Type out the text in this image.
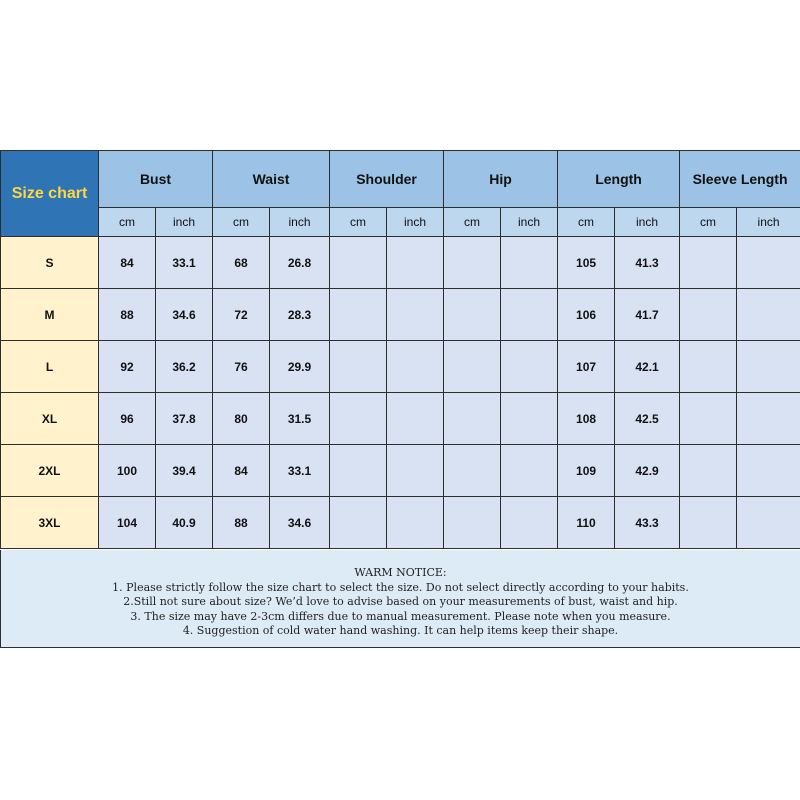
Size chart	Bust		Waist		Shoulder		Hip		Length		Sleeve Length	
	cm	inch	cm	inch	cm	inch	cm	inch	cm	inch	cm	inch
S	84	33.1	68	26.8					105	41.3		
M	88	34.6	72	28.3					106	41.7		
L	92	36.2	76	29.9					107	42.1		
XL	96	37.8	80	31.5					108	42.5		
2XL	100	39.4	84	33.1					109	42.9		
3XL	104	40.9	88	34.6					110	43.3		
WARM NOTICE:
1. Please strictly follow the size chart to select the size. Do not select directly according to your habits.
2.Still not sure about size? We’d love to advise based on your measurements of bust, waist and hip.
3. The size may have 2-3cm differs due to manual measurement. Please note when you measure.
4. Suggestion of cold water hand washing. It can help items keep their shape.
